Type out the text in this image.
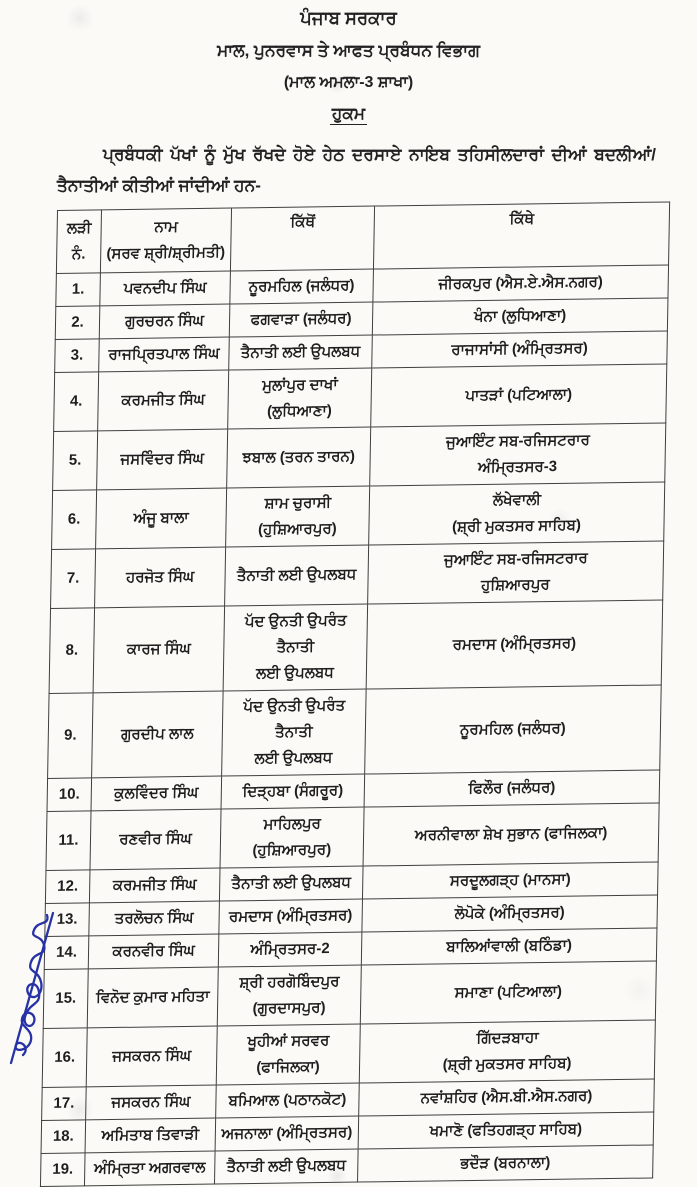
ਪੰਜਾਬ ਸਰਕਾਰ
ਮਾਲ, ਪੁਨਰਵਾਸ ਤੇ ਆਫਤ ਪ੍ਰਬੰਧਨ ਵਿਭਾਗ
(ਮਾਲ ਅਮਲਾ-3 ਸ਼ਾਖਾ)
ਹੁਕਮ
ਪ੍ਰਬੰਧਕੀ ਪੱਖਾਂ ਨੂੰ ਮੁੱਖ ਰੱਖਦੇ ਹੋਏ ਹੇਠ ਦਰਸਾਏ ਨਾਇਬ ਤਹਿਸੀਲਦਾਰਾਂ ਦੀਆਂ ਬਦਲੀਆਂ/ਤੈਨਾਤੀਆਂ ਕੀਤੀਆਂ ਜਾਂਦੀਆਂ ਹਨ-
ਲੜੀ ਨੰ.	ਨਾਮ
(ਸਰਵ ਸ਼੍ਰੀ/ਸ਼੍ਰੀਮਤੀ)	ਕਿੱਥੋਂ	ਕਿੱਥੇ
1.	ਪਵਨਦੀਪ ਸਿੰਘ	ਨੂਰਮਹਿਲ (ਜਲੰਧਰ)	ਜੀਰਕਪੁਰ (ਐਸ.ਏ.ਐਸ.ਨਗਰ)
2.	ਗੁਰਚਰਨ ਸਿੰਘ	ਫਗਵਾੜਾ (ਜਲੰਧਰ)	ਖੰਨਾ (ਲੁਧਿਆਣਾ)
3.	ਰਾਜਪ੍ਰਿਤਪਾਲ ਸਿੰਘ	ਤੈਨਾਤੀ ਲਈ ਉਪਲਬਧ	ਰਾਜਾਸਾਂਸੀ (ਅੰਮ੍ਰਿਤਸਰ)
4.	ਕਰਮਜੀਤ ਸਿੰਘ	ਮੁਲਾਂਪੁਰ ਦਾਖਾਂ (ਲੁਧਿਆਣਾ)	ਪਾਤੜਾਂ (ਪਟਿਆਲਾ)
5.	ਜਸਵਿੰਦਰ ਸਿੰਘ	ਝਬਾਲ (ਤਰਨ ਤਾਰਨ)	ਜੁਆਇੰਟ ਸਬ-ਰਜਿਸਟਰਾਰ
ਅੰਮ੍ਰਿਤਸਰ-3
6.	ਅੰਜੂ ਬਾਲਾ	ਸ਼ਾਮ ਚੁਰਾਸੀ (ਹੁਸ਼ਿਆਰਪੁਰ)	ਲੱਖੇਵਾਲੀ
(ਸ਼੍ਰੀ ਮੁਕਤਸਰ ਸਾਹਿਬ)
7.	ਹਰਜੋਤ ਸਿੰਘ	ਤੈਨਾਤੀ ਲਈ ਉਪਲਬਧ	ਜੁਆਇੰਟ ਸਬ-ਰਜਿਸਟਰਾਰ
ਹੁਸ਼ਿਆਰਪੁਰ
8.	ਕਾਰਜ ਸਿੰਘ	ਪੱਦ ਉਨਤੀ ਉਪਰੰਤ ਤੈਨਾਤੀ
ਲਈ ਉਪਲਬਧ	ਰਮਦਾਸ (ਅੰਮ੍ਰਿਤਸਰ)
9.	ਗੁਰਦੀਪ ਲਾਲ	ਪੱਦ ਉਨਤੀ ਉਪਰੰਤ ਤੈਨਾਤੀ
ਲਈ ਉਪਲਬਧ	ਨੂਰਮਹਿਲ (ਜਲੰਧਰ)
10.	ਕੁਲਵਿੰਦਰ ਸਿੰਘ	ਦਿੜ੍ਹਬਾ (ਸੰਗਰੂਰ)	ਫਿਲੌਰ (ਜਲੰਧਰ)
11.	ਰਣਵੀਰ ਸਿੰਘ	ਮਾਹਿਲਪੁਰ (ਹੁਸ਼ਿਆਰਪੁਰ)	ਅਰਨੀਵਾਲਾ ਸ਼ੇਖ ਸੁਭਾਨ (ਫਾਜਿਲਕਾ)
12.	ਕਰਮਜੀਤ ਸਿੰਘ	ਤੈਨਾਤੀ ਲਈ ਉਪਲਬਧ	ਸਰਦੂਲਗੜ੍ਹ (ਮਾਨਸਾ)
13.	ਤਰਲੋਚਨ ਸਿੰਘ	ਰਮਦਾਸ (ਅੰਮ੍ਰਿਤਸਰ)	ਲੋਪੋਕੇ (ਅੰਮ੍ਰਿਤਸਰ)
14.	ਕਰਨਵੀਰ ਸਿੰਘ	ਅੰਮ੍ਰਿਤਸਰ-2	ਬਾਲਿਆਂਵਾਲੀ (ਬਠਿੰਡਾ)
15.	ਵਿਨੋਦ ਕੁਮਾਰ ਮਹਿਤਾ	ਸ਼੍ਰੀ ਹਰਗੋਬਿੰਦਪੁਰ
(ਗੁਰਦਾਸਪੁਰ)	ਸਮਾਣਾ (ਪਟਿਆਲਾ)
16.	ਜਸਕਰਨ ਸਿੰਘ	ਖੂਹੀਆਂ ਸਰਵਰ (ਫਾਜਿਲਕਾ)	ਗਿੱਦੜਬਾਹਾ
(ਸ਼੍ਰੀ ਮੁਕਤਸਰ ਸਾਹਿਬ)
17.	ਜਸਕਰਨ ਸਿੰਘ	ਬਮਿਆਲ (ਪਠਾਨਕੋਟ)	ਨਵਾਂਸ਼ਹਿਰ (ਐਸ.ਬੀ.ਐਸ.ਨਗਰ)
18.	ਅਮਿਤਾਬ ਤਿਵਾੜੀ	ਅਜਨਾਲਾ (ਅੰਮ੍ਰਿਤਸਰ)	ਖਮਾਣੋ (ਫਤਿਹਗੜ੍ਹ ਸਾਹਿਬ)
19.	ਅੰਮ੍ਰਿਤਾ ਅਗਰਵਾਲ	ਤੈਨਾਤੀ ਲਈ ਉਪਲਬਧ	ਭਦੌੜ (ਬਰਨਾਲਾ)
